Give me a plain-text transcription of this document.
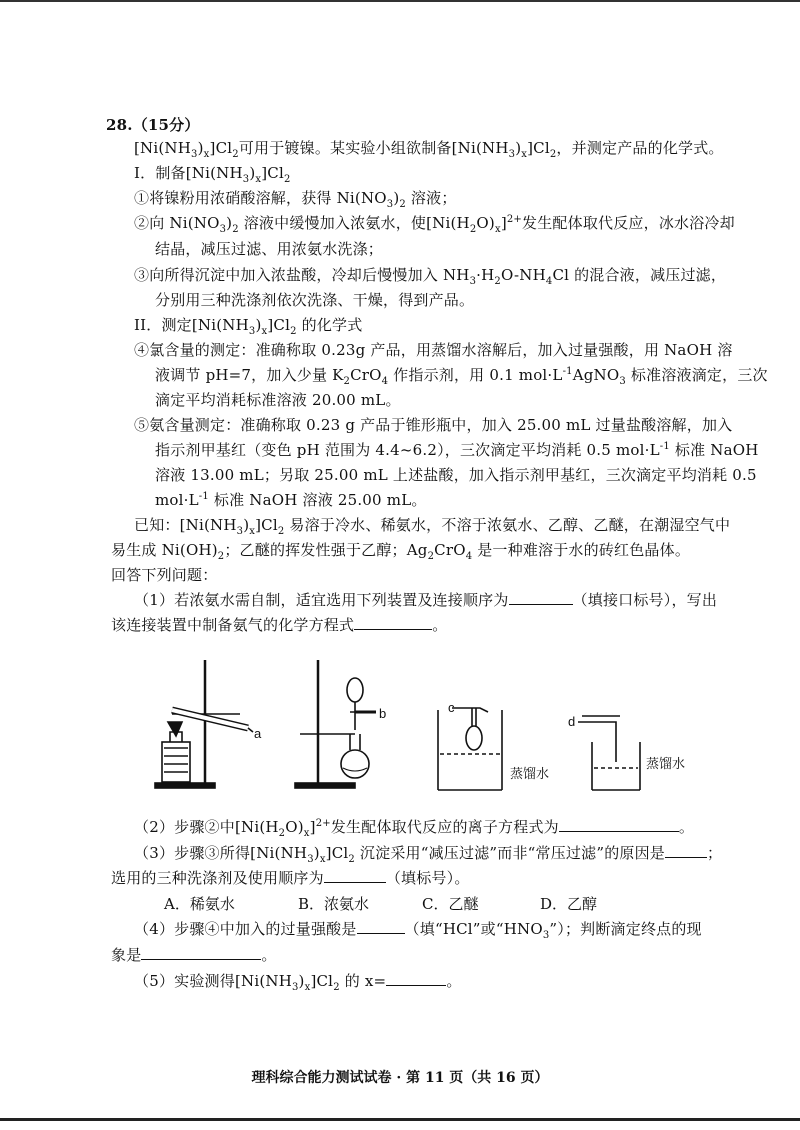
28.（15分）
$[Ni(NH_3)_x]Cl_2$可用于镀镍。某实验小组欲制备$[Ni(NH_3)_x]Cl_2$，并测定产品的化学式。
I．制备$[Ni(NH_3)_x]Cl_2$
①将镍粉用浓硝酸溶解，获得 $Ni(NO_3)_2$ 溶液；
②向 $Ni(NO_3)_2$ 溶液中缓慢加入浓氨水，使$[Ni(H_2O)_x]^{2+}$发生配体取代反应，冰水浴冷却
结晶，减压过滤、用浓氨水洗涤；
③向所得沉淀中加入浓盐酸，冷却后慢慢加入 $NH_3\cdot H_2O-NH_4Cl$ 的混合液，减压过滤，
分别用三种洗涤剂依次洗涤、干燥，得到产品。
II．测定$[Ni(NH_3)_x]Cl_2$ 的化学式
④氯含量的测定：准确称取 0.23g 产品，用蒸馏水溶解后，加入过量强酸，用 NaOH 溶
液调节 pH=7，加入少量 $K_2CrO_4$ 作指示剂，用 0.1 $mol\cdot L^{-1}AgNO_3$ 标准溶液滴定，三次
滴定平均消耗标准溶液 20.00 mL。
⑤氨含量测定：准确称取 0.23 g 产品于锥形瓶中，加入 25.00 mL 过量盐酸溶解，加入
指示剂甲基红（变色 pH 范围为 4.4~6.2），三次滴定平均消耗 0.5 $mol\cdot L^{-1}$ 标准 NaOH
溶液 13.00 mL；另取 25.00 mL 上述盐酸，加入指示剂甲基红，三次滴定平均消耗 0.5
$mol\cdot L^{-1}$ 标准 NaOH 溶液 25.00 mL。
已知：$[Ni(NH_3)_x]Cl_2$ 易溶于冷水、稀氨水，不溶于浓氨水、乙醇、乙醚，在潮湿空气中
易生成 $Ni(OH)_2$；乙醚的挥发性强于乙醇；$Ag_2CrO_4$ 是一种难溶于水的砖红色晶体。
回答下列问题：
（1）若浓氨水需自制，适宜选用下列装置及连接顺序为	（填接口标号），写出
该连接装置中制备氨气的化学方程式	。
a
b	c
蒸馏水
d
蒸馏水
（2）步骤②中$[Ni(H_2O)_x]^{2+}$发生配体取代反应的离子方程式为	。
（3）步骤③所得$[Ni(NH_3)_x]Cl_2$ 沉淀采用“减压过滤”而非“常压过滤”的原因是	；
选用的三种洗涤剂及使用顺序为	（填标号）。
A．稀氨水	B．浓氨水	C．乙醚	D．乙醇
（4）步骤④中加入的过量强酸是	（填“HCl”或“$HNO_3$”）；判断滴定终点的现
象是	。
（5）实验测得$[Ni(NH_3)_x]Cl_2$ 的 x=	。
理科综合能力测试试卷 · 第 11 页（共 16 页）
